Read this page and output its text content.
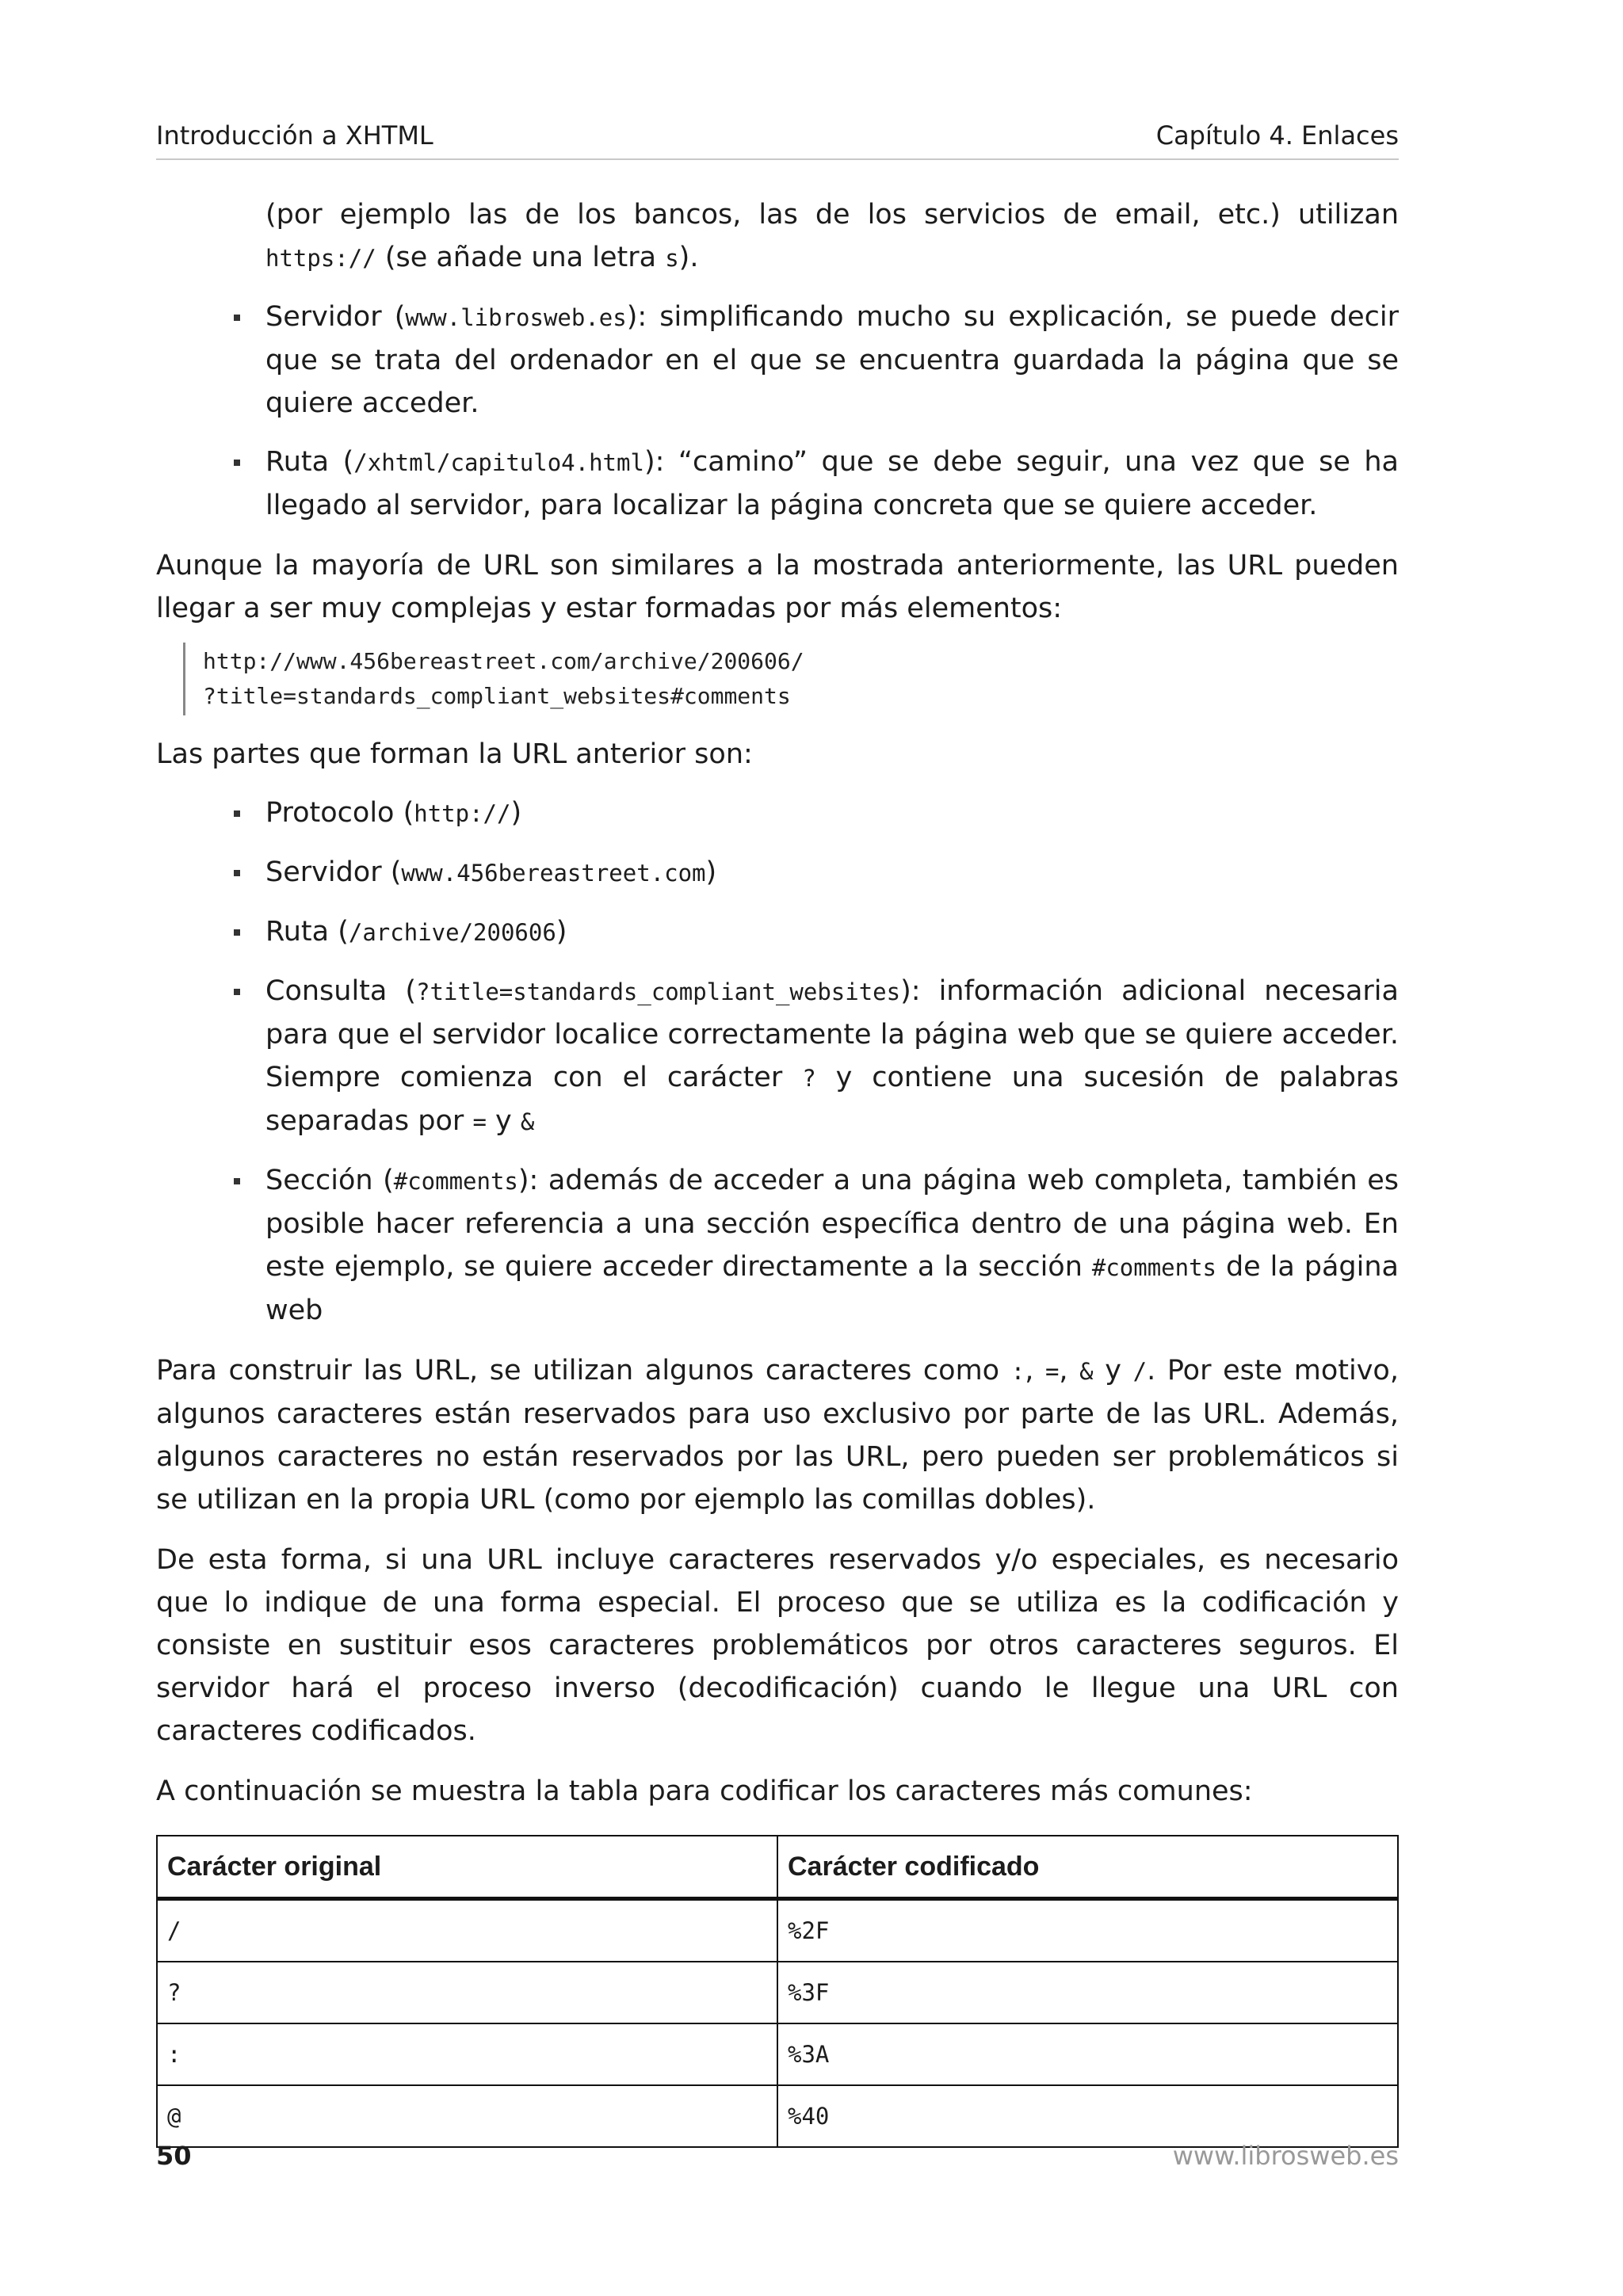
Introducción a XHTML	Capítulo 4. Enlaces

(por ejemplo las de los bancos, las de los servicios de email, etc.) utilizan https:// (se añade una letra s).

Servidor (www.librosweb.es): simplificando mucho su explicación, se puede decir que se trata del ordenador en el que se encuentra guardada la página que se quiere acceder.
Ruta (/xhtml/capitulo4.html): “camino” que se debe seguir, una vez que se ha llegado al servidor, para localizar la página concreta que se quiere acceder.

Aunque la mayoría de URL son similares a la mostrada anteriormente, las URL pueden llegar a ser muy complejas y estar formadas por más elementos:

http://www.456bereastreet.com/archive/200606/
?title=standards_compliant_websites#comments

Las partes que forman la URL anterior son:

Protocolo (http://)
Servidor (www.456bereastreet.com)
Ruta (/archive/200606)
Consulta (?title=standards_compliant_websites): información adicional necesaria para que el servidor localice correctamente la página web que se quiere acceder. Siempre comienza con el carácter ? y contiene una sucesión de palabras separadas por = y &
Sección (#comments): además de acceder a una página web completa, también es posible hacer referencia a una sección específica dentro de una página web. En este ejemplo, se quiere acceder directamente a la sección #comments de la página web

Para construir las URL, se utilizan algunos caracteres como :, =, & y /. Por este motivo, algunos caracteres están reservados para uso exclusivo por parte de las URL. Además, algunos caracteres no están reservados por las URL, pero pueden ser problemáticos si se utilizan en la propia URL (como por ejemplo las comillas dobles).

De esta forma, si una URL incluye caracteres reservados y/o especiales, es necesario que lo indique de una forma especial. El proceso que se utiliza es la codificación y consiste en sustituir esos caracteres problemáticos por otros caracteres seguros. El servidor hará el proceso inverso (decodificación) cuando le llegue una URL con caracteres codificados.

A continuación se muestra la tabla para codificar los caracteres más comunes:

Carácter original	Carácter codificado
/	%2F
?	%3F
:	%3A
@	%40
50	www.librosweb.es
